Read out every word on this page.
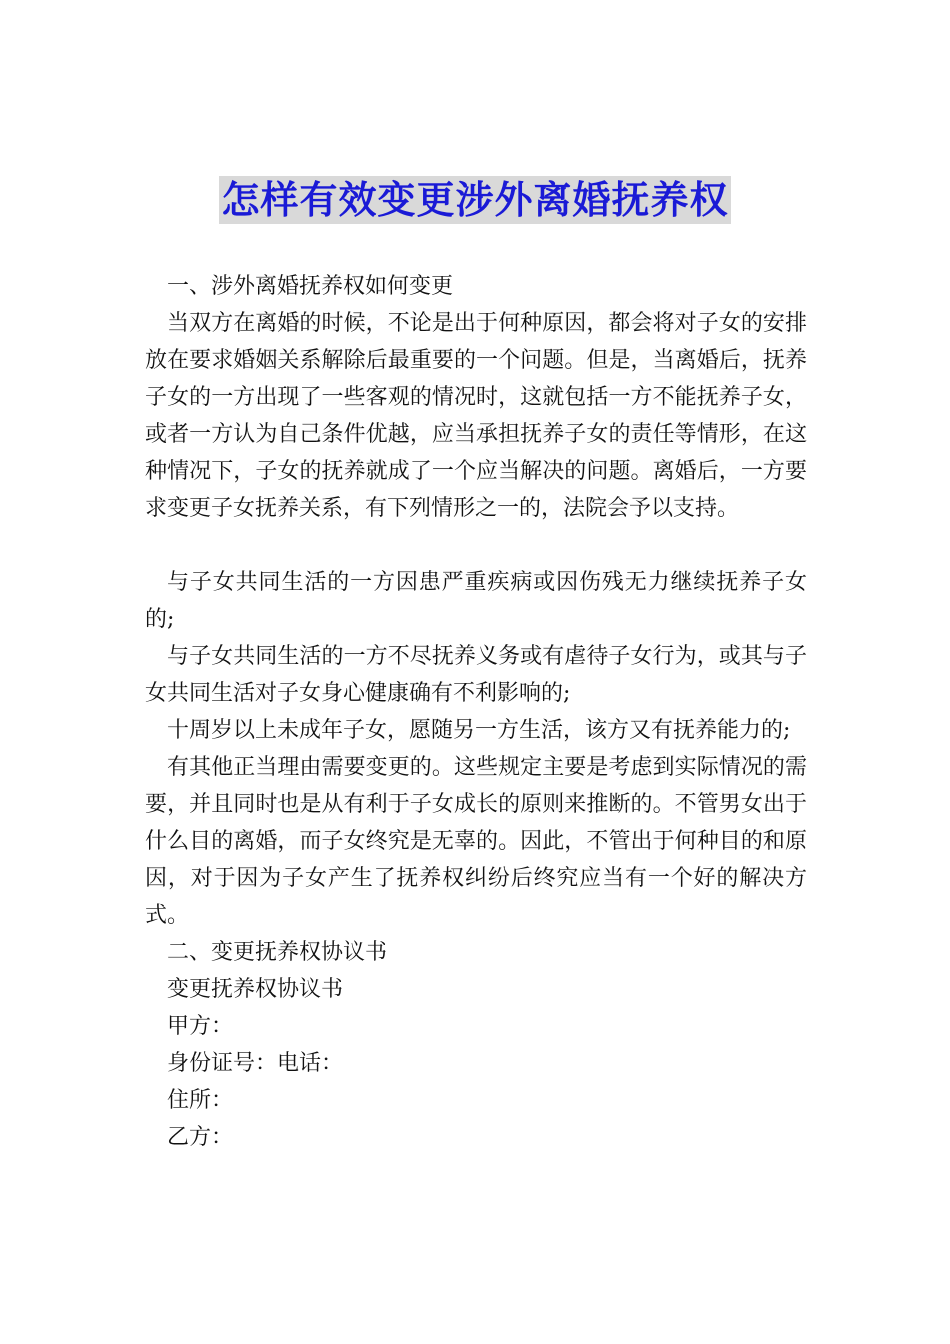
怎样有效变更涉外离婚抚养权

一、涉外离婚抚养权如何变更

当双方在离婚的时候，不论是出于何种原因，都会将对子女的安排放在要求婚姻关系解除后最重要的一个问题。但是，当离婚后，抚养子女的一方出现了一些客观的情况时，这就包括一方不能抚养子女，或者一方认为自己条件优越，应当承担抚养子女的责任等情形，在这种情况下，子女的抚养就成了一个应当解决的问题。离婚后，一方要求变更子女抚养关系，有下列情形之一的，法院会予以支持。

与子女共同生活的一方因患严重疾病或因伤残无力继续抚养子女的;

与子女共同生活的一方不尽抚养义务或有虐待子女行为，或其与子女共同生活对子女身心健康确有不利影响的;

十周岁以上未成年子女，愿随另一方生活，该方又有抚养能力的;

有其他正当理由需要变更的。这些规定主要是考虑到实际情况的需要，并且同时也是从有利于子女成长的原则来推断的。不管男女出于什么目的离婚，而子女终究是无辜的。因此，不管出于何种目的和原因，对于因为子女产生了抚养权纠纷后终究应当有一个好的解决方式。

二、变更抚养权协议书

变更抚养权协议书

甲方：

身份证号：电话：

住所：

乙方：
